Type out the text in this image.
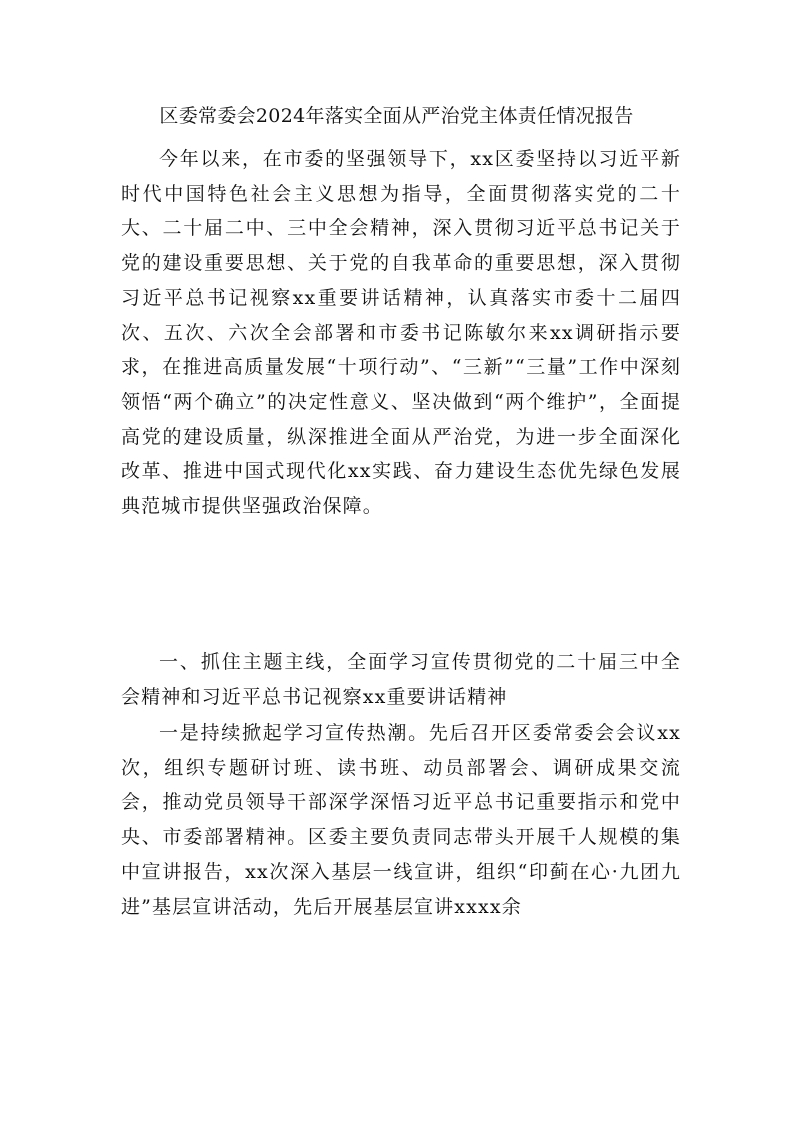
区委常委会2024年落实全面从严治党主体责任情况报告

今年以来，在市委的坚强领导下，xx区委坚持以习近平新时代中国特色社会主义思想为指导，全面贯彻落实党的二十大、二十届二中、三中全会精神，深入贯彻习近平总书记关于党的建设重要思想、关于党的自我革命的重要思想，深入贯彻习近平总书记视察xx重要讲话精神，认真落实市委十二届四次、五次、六次全会部署和市委书记陈敏尔来xx调研指示要求，在推进高质量发展“十项行动”、“三新”“三量”工作中深刻领悟“两个确立”的决定性意义、坚决做到“两个维护”，全面提高党的建设质量，纵深推进全面从严治党，为进一步全面深化改革、推进中国式现代化xx实践、奋力建设生态优先绿色发展典范城市提供坚强政治保障。

一、抓住主题主线，全面学习宣传贯彻党的二十届三中全会精神和习近平总书记视察xx重要讲话精神

一是持续掀起学习宣传热潮。先后召开区委常委会会议xx次，组织专题研讨班、读书班、动员部署会、调研成果交流会，推动党员领导干部深学深悟习近平总书记重要指示和党中央、市委部署精神。区委主要负责同志带头开展千人规模的集中宣讲报告，xx次深入基层一线宣讲，组织“印蓟在心·九团九进”基层宣讲活动，先后开展基层宣讲xxxx余
